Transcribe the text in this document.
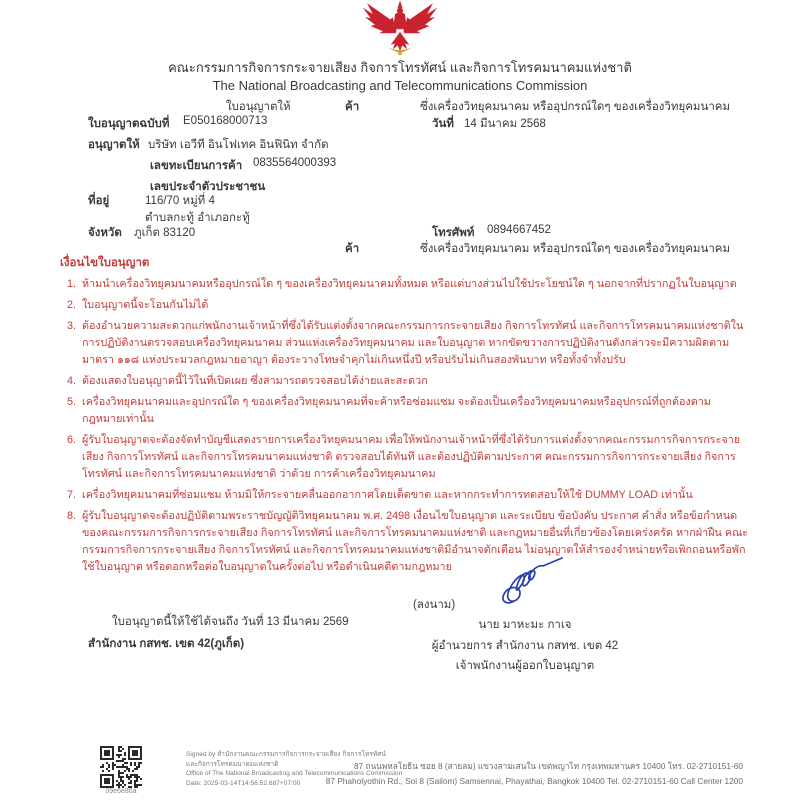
คณะกรรมการกิจการกระจายเสียง กิจการโทรทัศน์ และกิจการโทรคมนาคมแห่งชาติ
The National Broadcasting and Telecommunications Commission
ใบอนุญาตให้	ค้า	ซึ่งเครื่องวิทยุคมนาคม หรืออุปกรณ์ใดๆ ของเครื่องวิทยุคมนาคม
ใบอนุญาตฉบับที่ E050168000713	วันที่ 14 มีนาคม 2568
อนุญาตให้ บริษัท เอวีที อินโฟเทค อินฟินิท จำกัด
เลขทะเบียนการค้า 0835564000393
เลขประจำตัวประชาชน
ที่อยู่	116/70 หมู่ที่ 4
ตำบลกะทู้ อำเภอกะทู้
จังหวัด ภูเก็ต 83120	โทรศัพท์ 0894667452
ค้า	ซึ่งเครื่องวิทยุคมนาคม หรืออุปกรณ์ใดๆ ของเครื่องวิทยุคมนาคม
เงื่อนไขใบอนุญาต
1. ห้ามนำเครื่องวิทยุคมนาคมหรืออุปกรณ์ใด ๆ ของเครื่องวิทยุคมนาคมทั้งหมด หรือแต่บางส่วนไปใช้ประโยชน์ใด ๆ นอกจากที่ปรากฏในใบอนุญาต
2. ใบอนุญาตนี้จะโอนกันไม่ได้
3. ต้องอำนวยความสะดวกแก่พนักงานเจ้าหน้าที่ซึ่งได้รับแต่งตั้งจากคณะกรรมการกระจายเสียง กิจการโทรทัศน์ และกิจการโทรคมนาคมแห่งชาติในการปฏิบัติงานตรวจสอบเครื่องวิทยุคมนาคม ส่วนแห่งเครื่องวิทยุคมนาคม และใบอนุญาต หากขัดขวางการปฏิบัติงานดังกล่าวจะมีความผิดตามมาตรา ๑๑๘ แห่งประมวลกฎหมายอาญา ต้องระวางโทษจำคุกไม่เกินหนึ่งปี หรือปรับไม่เกินสองพันบาท หรือทั้งจำทั้งปรับ
4. ต้องแสดงใบอนุญาตนี้ไว้ในที่เปิดเผย ซึ่งสามารถตรวจสอบได้ง่ายและสะดวก
5. เครื่องวิทยุคมนาคมและอุปกรณ์ใด ๆ ของเครื่องวิทยุคมนาคมที่จะค้าหรือซ่อมแซม จะต้องเป็นเครื่องวิทยุคมนาคมหรืออุปกรณ์ที่ถูกต้องตามกฎหมายเท่านั้น
6. ผู้รับใบอนุญาตจะต้องจัดทำบัญชีแสดงรายการเครื่องวิทยุคมนาคม เพื่อให้พนักงานเจ้าหน้าที่ซึ่งได้รับการแต่งตั้งจากคณะกรรมการกิจการกระจายเสียง กิจการโทรทัศน์ และกิจการโทรคมนาคมแห่งชาติ ตรวจสอบได้ทันที และต้องปฏิบัติตามประกาศ คณะกรรมการกิจการกระจายเสียง กิจการโทรทัศน์ และกิจการโทรคมนาคมแห่งชาติ ว่าด้วย การค้าเครื่องวิทยุคมนาคม
7. เครื่องวิทยุคมนาคมที่ซ่อมแซม ห้ามมิให้กระจายคลื่นออกอากาศโดยเด็ดขาด และหากกระทำการทดสอบให้ใช้ DUMMY LOAD เท่านั้น
8. ผู้รับใบอนุญาตจะต้องปฏิบัติตามพระราชบัญญัติวิทยุคมนาคม พ.ศ. 2498 เงื่อนไขใบอนุญาต และระเบียบ ข้อบังคับ ประกาศ คำสั่ง หรือข้อกำหนด ของคณะกรรมการกิจการกระจายเสียง กิจการโทรทัศน์ และกิจการโทรคมนาคมแห่งชาติ และกฎหมายอื่นที่เกี่ยวข้องโดยเคร่งครัด หากฝ่าฝืน คณะกรรมการกิจการกระจายเสียง กิจการโทรทัศน์ และกิจการโทรคมนาคมแห่งชาติมีอำนาจตักเตือน ไม่อนุญาตให้สำรองจำหน่ายหรือเพิกถอนหรือพักใช้ใบอนุญาต หรือตอกหรือต่อใบอนุญาตในครั้งต่อไป หรือดำเนินคดีตามกฎหมาย
(ลงนาม)
นาย มาหะมะ กาเจ
ผู้อำนวยการ สำนักงาน กสทช. เขต 42
เจ้าพนักงานผู้ออกใบอนุญาต
ใบอนุญาตนี้ให้ใช้ได้จนถึง วันที่ 13 มีนาคม 2569
สำนักงาน กสทช. เขต 42(ภูเก็ต)
09e6e86a
Signed by สำนักงานคณะกรรมการกิจการกระจายเสียง กิจการโทรทัศน์
และกิจการโทรคมนาคมแห่งชาติ
Office of The National Broadcasting and Telecommunications Commission
Date: 2025-03-14T14:56:52.687+07:00
87 ถนนพหลโยธิน ซอย 8 (สายลม) แขวงสามเสนใน เขตพญาไท กรุงเทพมหานคร 10400 โทร. 02-2710151-60
87 Phaholyothin Rd., Soi 8 (Sailom) Samsennai, Phayathai, Bangkok 10400 Tel. 02-2710151-60 Call Center 1200
